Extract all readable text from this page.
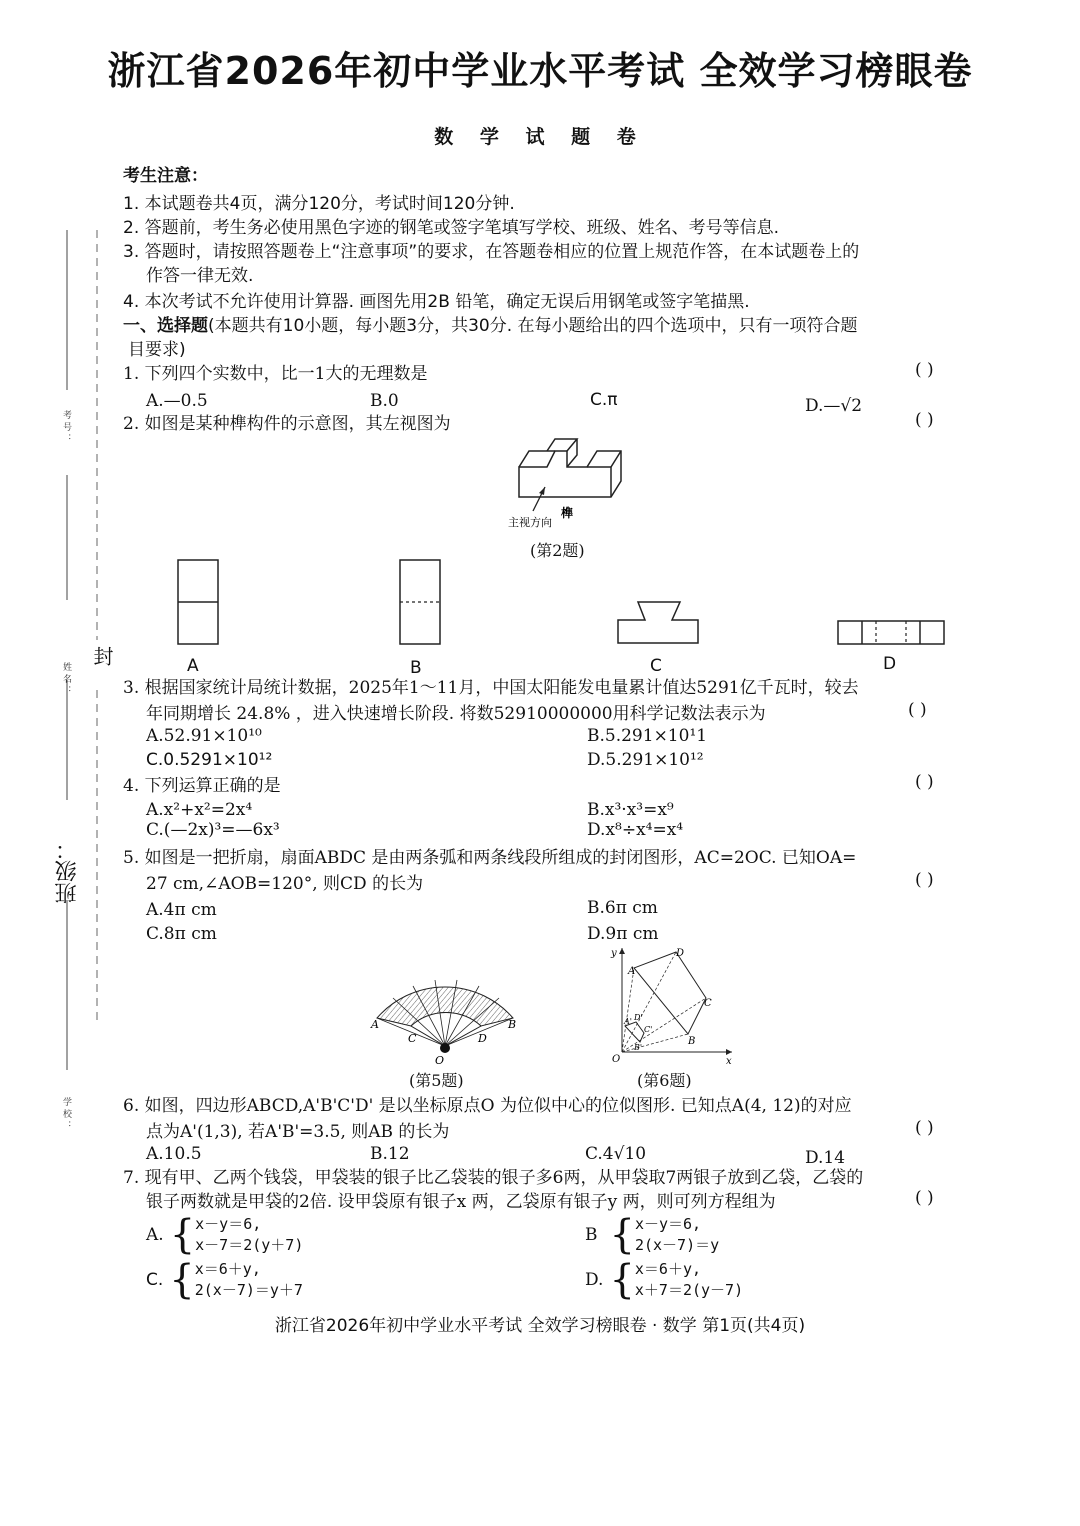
浙江省2026年初中学业水平考试 全效学习榜眼卷
数 学 试 题 卷
考 号 ：
姓 名 ：
封
班级：
学 校 ：
考生注意：
1. 本试题卷共4页，满分120分，考试时间120分钟.
2. 答题前，考生务必使用黑色字迹的钢笔或签字笔填写学校、班级、姓名、考号等信息.
3. 答题时，请按照答题卷上“注意事项”的要求，在答题卷相应的位置上规范作答，在本试题卷上的
作答一律无效.
4. 本次考试不允许使用计算器. 画图先用2B 铅笔，确定无误后用钢笔或签字笔描黑.
一、选择题(本题共有10小题，每小题3分，共30分. 在每小题给出的四个选项中，只有一项符合题
目要求)
1. 下列四个实数中，比一1大的无理数是	( )
A.—0.5	B.0	C.π	D.—√2
2. 如图是某种榫构件的示意图，其左视图为	( )
主视方向
榫
(第2题)
A	B	C	D
3. 根据国家统计局统计数据，2025年1～11月，中国太阳能发电量累计值达5291亿千瓦时，较去
年同期增长 24.8% ，进入快速增长阶段. 将数52910000000用科学记数法表示为	( )
A.52.91×10¹⁰	B.5.291×10¹1
C.0.5291×10¹²	D.5.291×10¹²
4. 下列运算正确的是	( )
A.x²+x²=2x⁴	B.x³·x³=x⁹
C.(—2x)³=—6x³	D.x⁸÷x⁴=x⁴
5. 如图是一把折扇，扇面ABDC 是由两条弧和两条线段所组成的封闭图形，AC=2OC. 已知OA=
27 cm,∠AOB=120°, 则CD 的长为	( )
A.4π cm	B.6π cm
C.8π cm	D.9π cm
A	B
C	D
O
(第5题)
y
x
O
A
D
C
B
A' D'
C'
B'
(第6题)
6. 如图，四边形ABCD,A'B'C'D' 是以坐标原点O 为位似中心的位似图形. 已知点A(4, 12)的对应
点为A'(1,3), 若A'B'=3.5, 则AB 的长为	( )
A.10.5	B.12	C.4√10	D.14
7. 现有甲、乙两个钱袋，甲袋装的银子比乙袋装的银子多6两，从甲袋取7两银子放到乙袋，乙袋的
银子两数就是甲袋的2倍. 设甲袋原有银子x 两，乙袋原有银子y 两，则可列方程组为	( )
A. { x－y＝6,
x－7＝2(y＋7)	B { x－y＝6,
2(x－7)＝y
C. { x＝6＋y,
2(x－7)＝y＋7	D. { x＝6＋y,
x＋7＝2(y－7)
浙江省2026年初中学业水平考试 全效学习榜眼卷 · 数学 第1页(共4页)
